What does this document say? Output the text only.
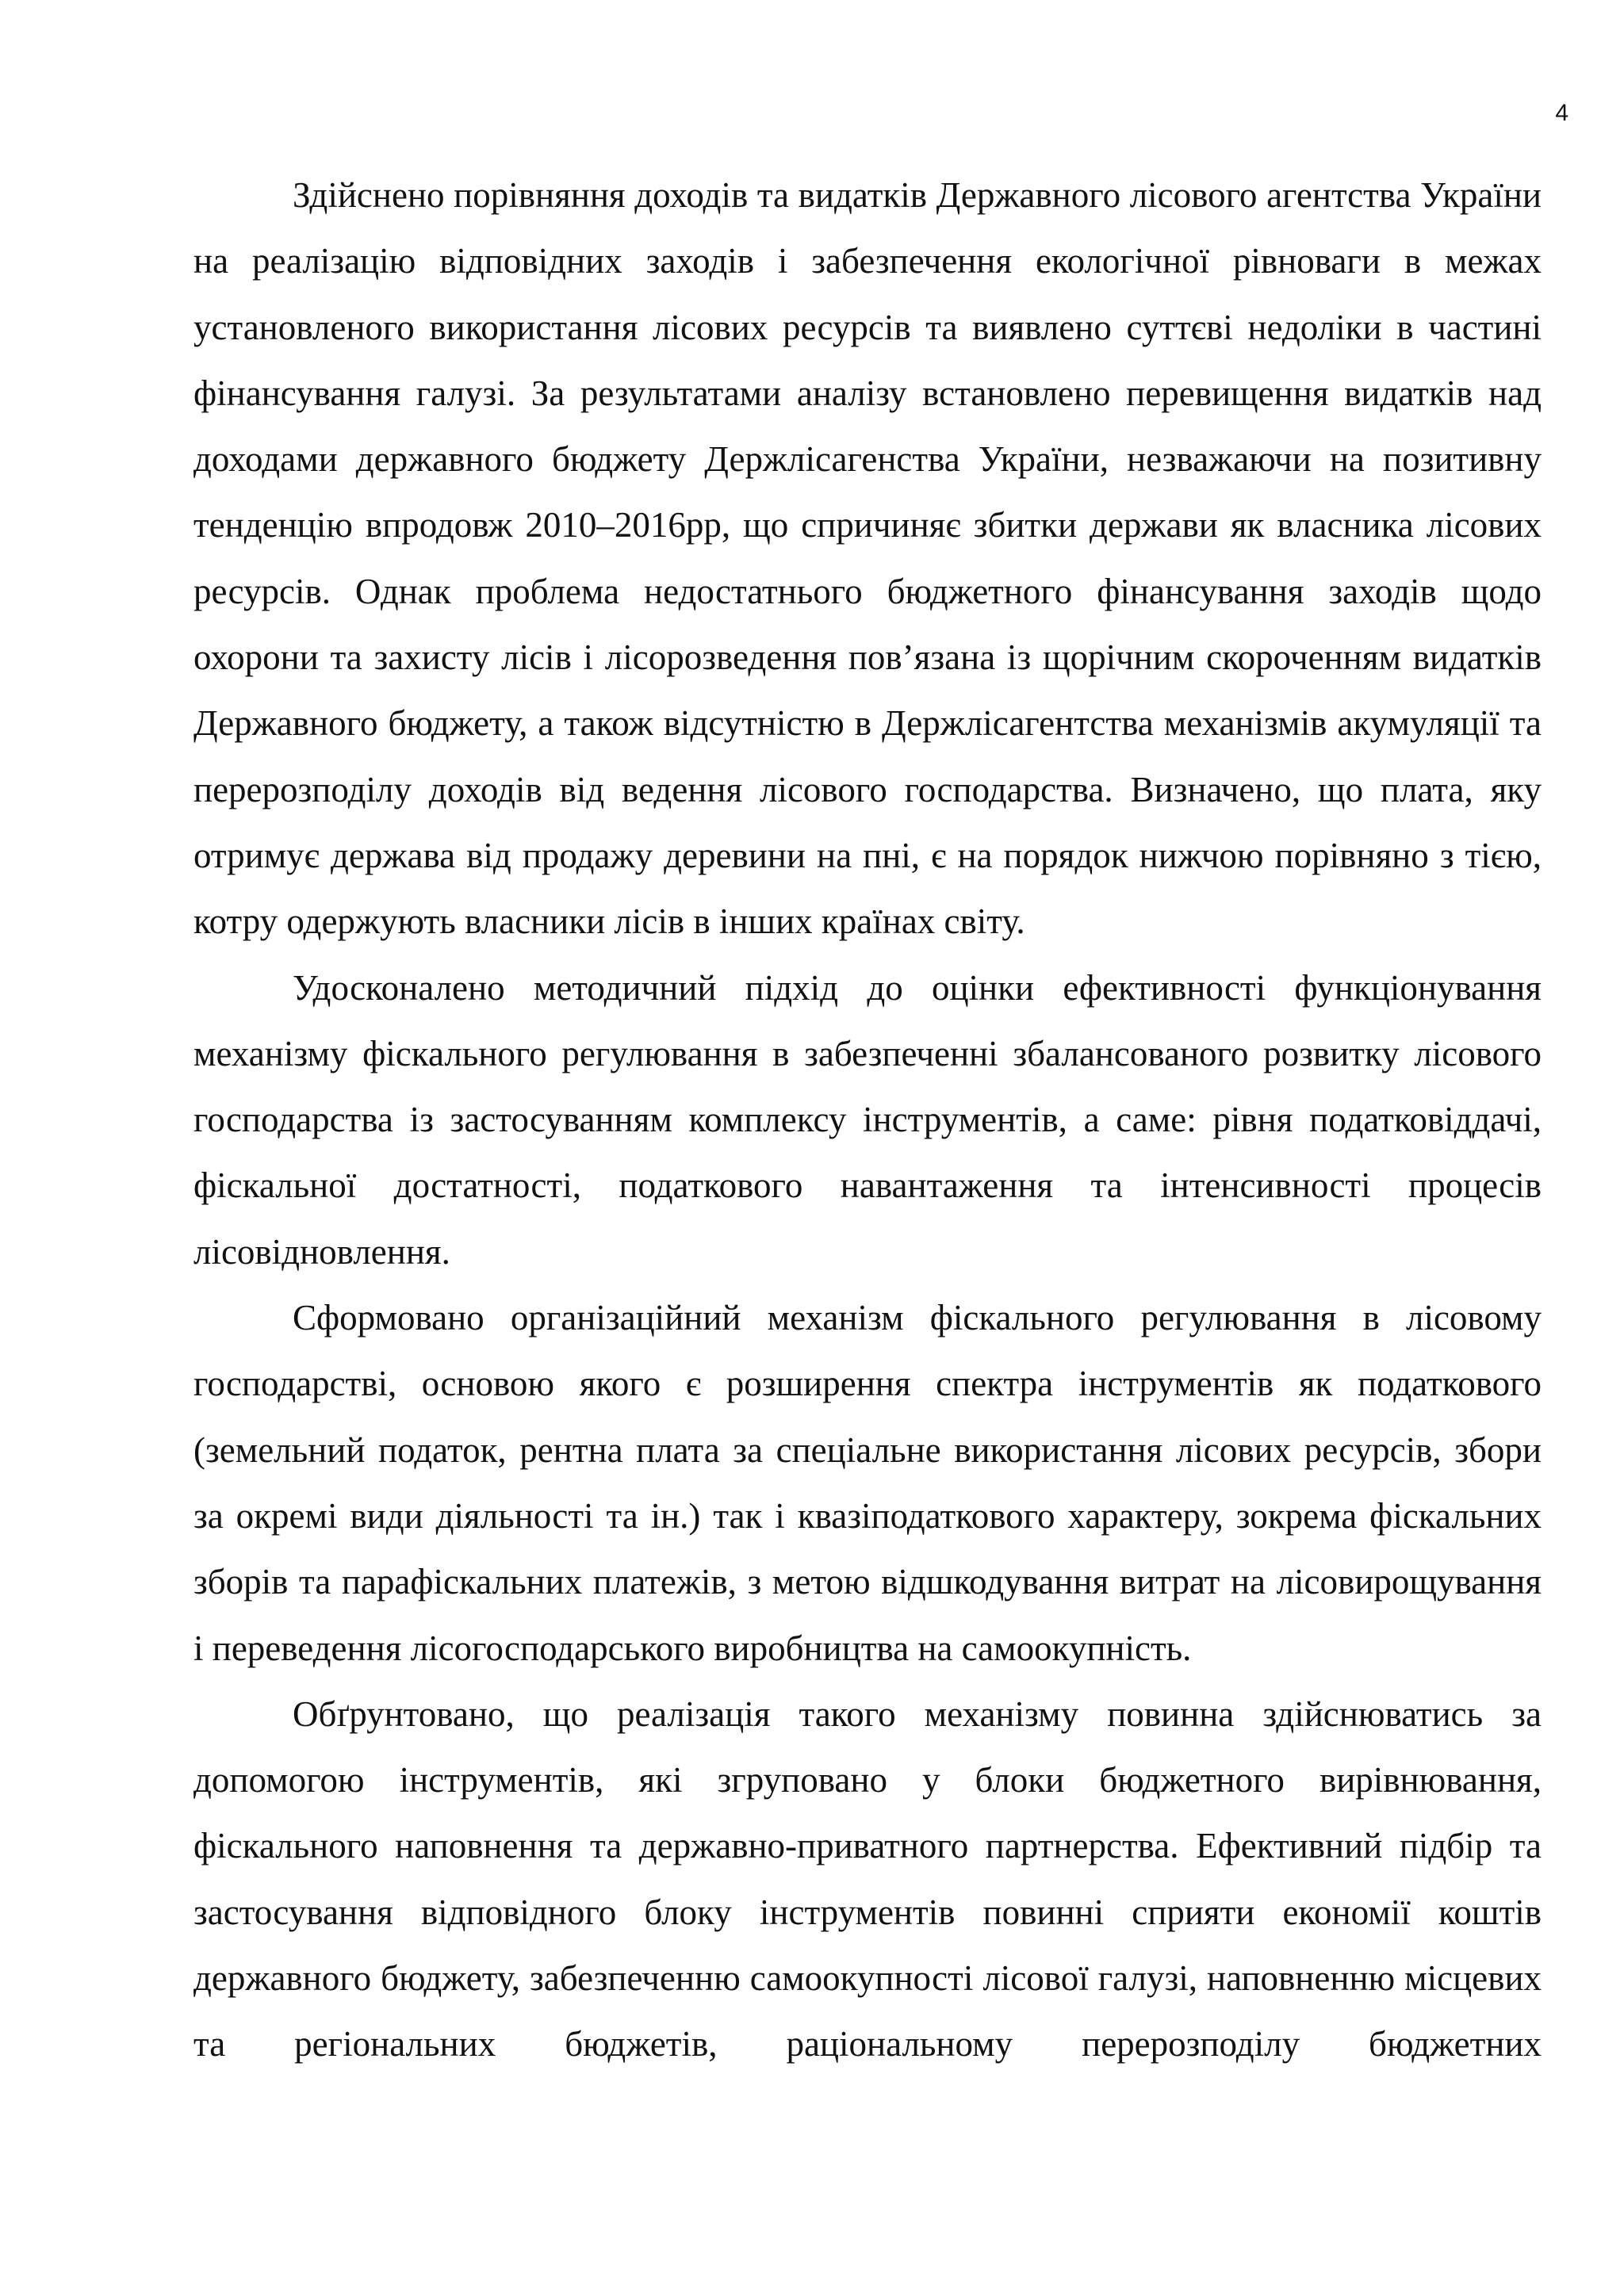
4

Здійснено порівняння доходів та видатків Державного лісового агентства України на реалізацію відповідних заходів і забезпечення екологічної рівноваги в межах установленого використання лісових ресурсів та виявлено суттєві недоліки в частині фінансування галузі. За результатами аналізу встановлено перевищення видатків над доходами державного бюджету Держлісагенства України, незважаючи на позитивну тенденцію впродовж 2010–2016рр, що спричиняє збитки держави як власника лісових ресурсів. Однак проблема недостатнього бюджетного фінансування заходів щодо охорони та захисту лісів і лісорозведення пов’язана із щорічним скороченням видатків Державного бюджету, а також відсутністю в Держлісагентства механізмів акумуляції та перерозподілу доходів від ведення лісового господарства. Визначено, що плата, яку отримує держава від продажу деревини на пні, є на порядок нижчою порівняно з тією, котру одержують власники лісів в інших країнах світу.

Удосконалено методичний підхід до оцінки ефективності функціонування механізму фіскального регулювання в забезпеченні збалансованого розвитку лісового господарства із застосуванням комплексу інструментів, а саме: рівня податковіддачі, фіскальної достатності, податкового навантаження та інтенсивності процесів лісовідновлення.

Сформовано організаційний механізм фіскального регулювання в лісовому господарстві, основою якого є розширення спектра інструментів як податкового (земельний податок, рентна плата за спеціальне використання лісових ресурсів, збори за окремі види діяльності та ін.) так і квазіподаткового характеру, зокрема фіскальних зборів та парафіскальних платежів, з метою відшкодування витрат на лісовирощування і переведення лісогосподарського виробництва на самоокупність.

Обґрунтовано, що реалізація такого механізму повинна здійснюватись за допомогою інструментів, які згруповано у блоки бюджетного вирівнювання, фіскального наповнення та державно-приватного партнерства. Ефективний підбір та застосування відповідного блоку інструментів повинні сприяти економії коштів державного бюджету, забезпеченню самоокупності лісової галузі, наповненню місцевих та регіональних бюджетів, раціональному перерозподілу бюджетних
